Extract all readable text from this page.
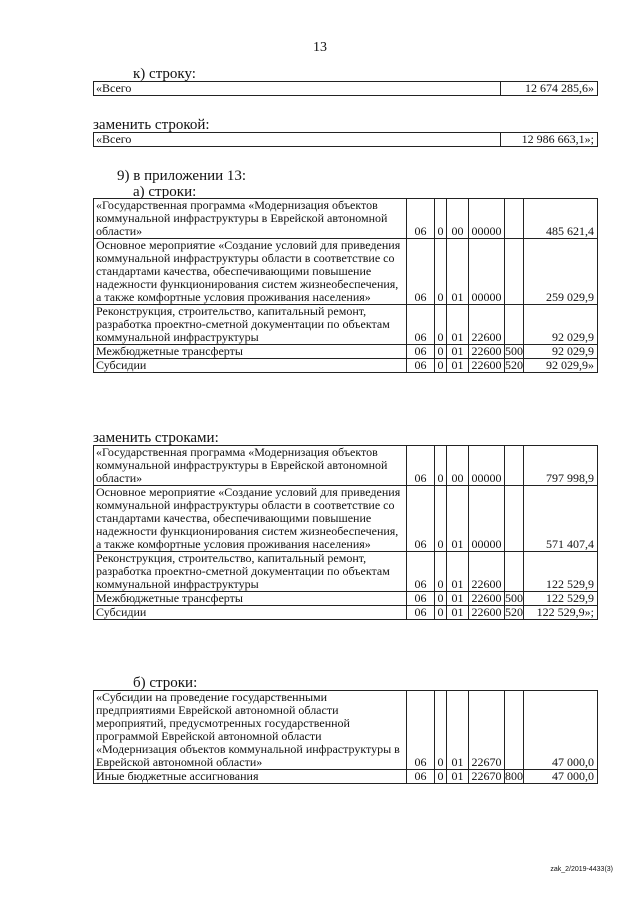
13
к) строку:
«Всего	12 674 285,6»
заменить строкой:
«Всего	12 986 663,1»;
9) в приложении 13:
а) строки:
«Государственная программа «Модернизация объектов коммунальной инфраструктуры в Еврейской автономной области»	06	0	00	00000		485 621,4
Основное мероприятие «Создание условий для приведения коммунальной инфраструктуры области в соответствие со стандартами качества, обеспечивающими повышение надежности функционирования систем жизнеобеспечения, а также комфортные условия проживания населения»	06	0	01	00000		259 029,9
Реконструкция, строительство, капитальный ремонт, разработка проектно-сметной документации по объектам коммунальной инфраструктуры	06	0	01	22600		92 029,9
Межбюджетные трансферты	06	0	01	22600	500	92 029,9
Субсидии	06	0	01	22600	520	92 029,9»
заменить строками:
«Государственная программа «Модернизация объектов коммунальной инфраструктуры в Еврейской автономной области»	06	0	00	00000		797 998,9
Основное мероприятие «Создание условий для приведения коммунальной инфраструктуры области в соответствие со стандартами качества, обеспечивающими повышение надежности функционирования систем жизнеобеспечения, а также комфортные условия проживания населения»	06	0	01	00000		571 407,4
Реконструкция, строительство, капитальный ремонт, разработка проектно-сметной документации по объектам коммунальной инфраструктуры	06	0	01	22600		122 529,9
Межбюджетные трансферты	06	0	01	22600	500	122 529,9
Субсидии	06	0	01	22600	520	122 529,9»;
б) строки:
«Субсидии на проведение государственными предприятиями Еврейской автономной области мероприятий, предусмотренных государственной программой Еврейской автономной области «Модернизация объектов коммунальной инфраструктуры в Еврейской автономной области»	06	0	01	22670		47 000,0
Иные бюджетные ассигнования	06	0	01	22670	800	47 000,0
zak_2/2019-4433(3)
